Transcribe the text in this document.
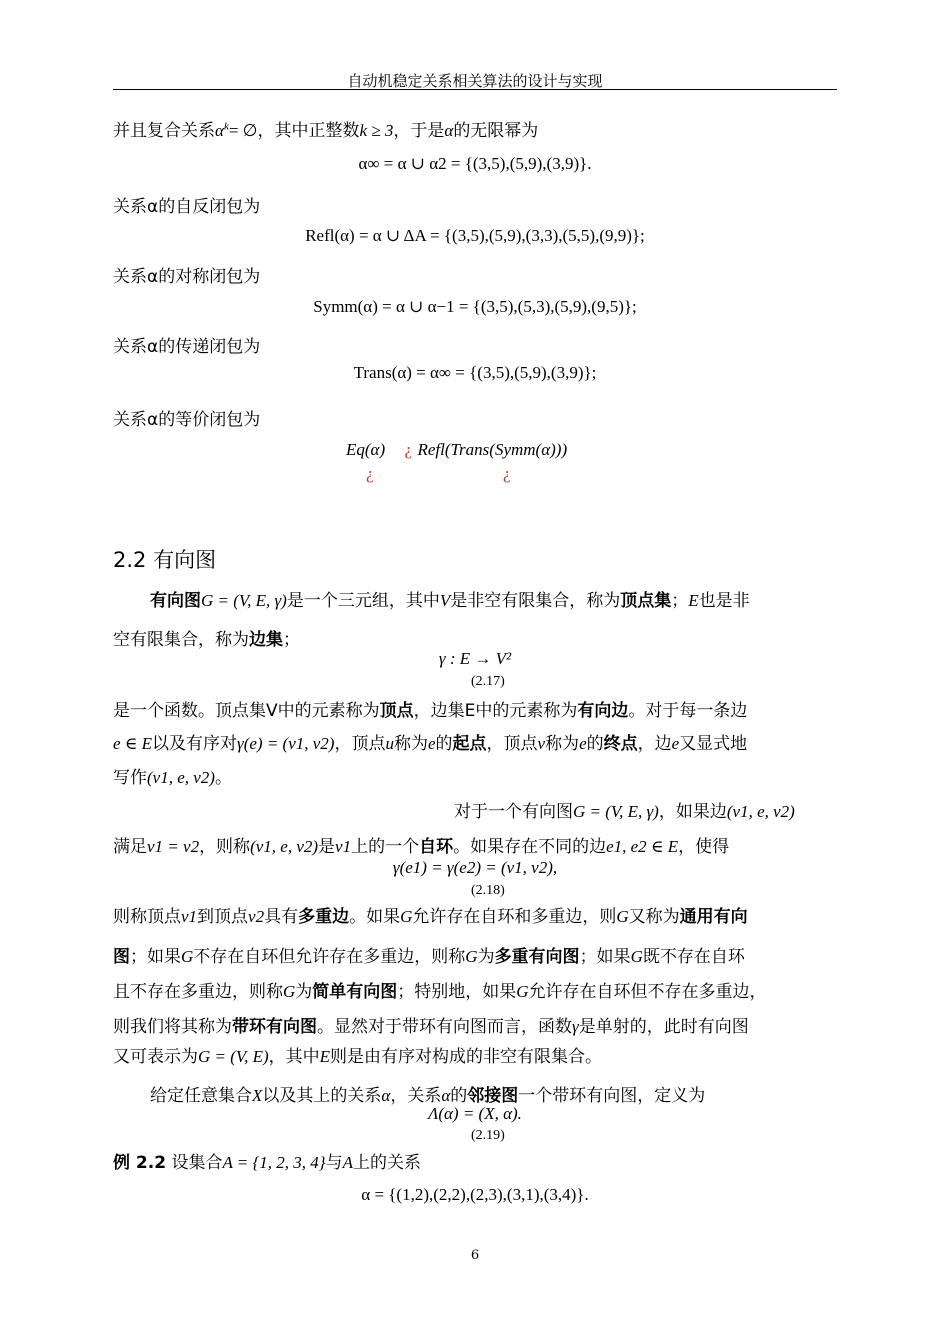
自动机稳定关系相关算法的设计与实现
并且复合关系$\alpha^k=$ ∅，其中正整数k ≥ 3，于是α的无限幂为
α∞ = α ∪ α2 = {(3,5),(5,9),(3,9)}.
关系α的自反闭包为
Refl(α) = α ∪ ΔA = {(3,5),(5,9),(3,3),(5,5),(9,9)};
关系α的对称闭包为
Symm(α) = α ∪ α−1 = {(3,5),(5,3),(5,9),(9,5)};
关系α的传递闭包为
Trans(α) = α∞ = {(3,5),(5,9),(3,9)};
关系α的等价闭包为
Eq(α) ¿ Refl(Trans(Symm(α)))
¿	¿
2.2 有向图
有向图G = (V, E, γ)是一个三元组，其中V是非空有限集合，称为顶点集；E也是非
空有限集合，称为边集；
γ : E → V²
(2.17)
是一个函数。顶点集V中的元素称为顶点，边集E中的元素称为有向边。对于每一条边
e ∈ E以及有序对γ(e) = (v1, v2)，顶点u称为e的起点，顶点v称为e的终点，边e又显式地
写作(v1, e, v2)。
对于一个有向图G = (V, E, γ)，如果边(v1, e, v2)
满足v1 = v2，则称(v1, e, v2)是v1上的一个自环。如果存在不同的边e1, e2 ∈ E，使得
γ(e1) = γ(e2) = (v1, v2),
(2.18)
则称顶点v1到顶点v2具有多重边。如果G允许存在自环和多重边，则G又称为通用有向
图；如果G不存在自环但允许存在多重边，则称G为多重有向图；如果G既不存在自环
且不存在多重边，则称G为简单有向图；特别地，如果G允许存在自环但不存在多重边，
则我们将其称为带环有向图。显然对于带环有向图而言，函数γ是单射的，此时有向图
又可表示为G = (V, E)，其中E则是由有序对构成的非空有限集合。
给定任意集合X以及其上的关系α，关系α的邻接图一个带环有向图，定义为
Λ(α) = (X, α).
(2.19)
例 2.2 设集合A = {1, 2, 3, 4}与A上的关系
α = {(1,2),(2,2),(2,3),(3,1),(3,4)}.
6
